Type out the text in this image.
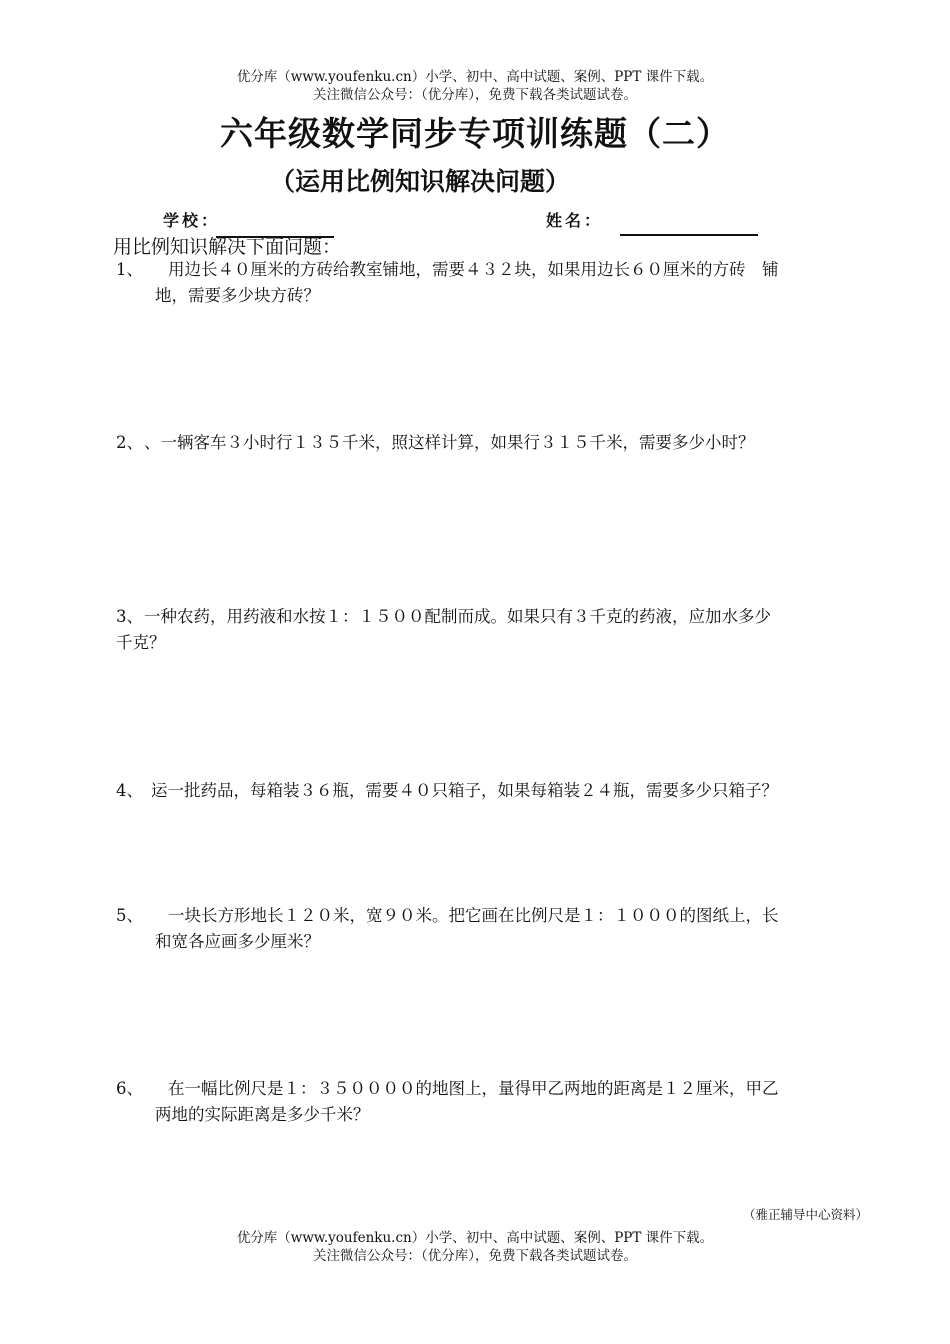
优分库（www.youfenku.cn）小学、初中、高中试题、案例、PPT 课件下载。
关注微信公众号：（优分库），免费下载各类试题试卷。
六年级数学同步专项训练题（二）
（运用比例知识解决问题）
学校：	姓名：
用比例知识解决下面问题：
1、 用边长４０厘米的方砖给教室铺地，需要４３２块，如果用边长６０厘米的方砖　铺
地，需要多少块方砖？
2、、一辆客车３小时行１３５千米，照这样计算，如果行３１５千米，需要多少小时？
3、一种农药，用药液和水按１：１５００配制而成。如果只有３千克的药液，应加水多少
千克？
4、 运一批药品，每箱装３６瓶，需要４０只箱子，如果每箱装２４瓶，需要多少只箱子？
5、 一块长方形地长１２０米，宽９０米。把它画在比例尺是１：１０００的图纸上，长
和宽各应画多少厘米？
6、 在一幅比例尺是１：３５００００的地图上，量得甲乙两地的距离是１２厘米，甲乙
两地的实际距离是多少千米？
（雅正辅导中心资料）
优分库（www.youfenku.cn）小学、初中、高中试题、案例、PPT 课件下载。
关注微信公众号：（优分库），免费下载各类试题试卷。
